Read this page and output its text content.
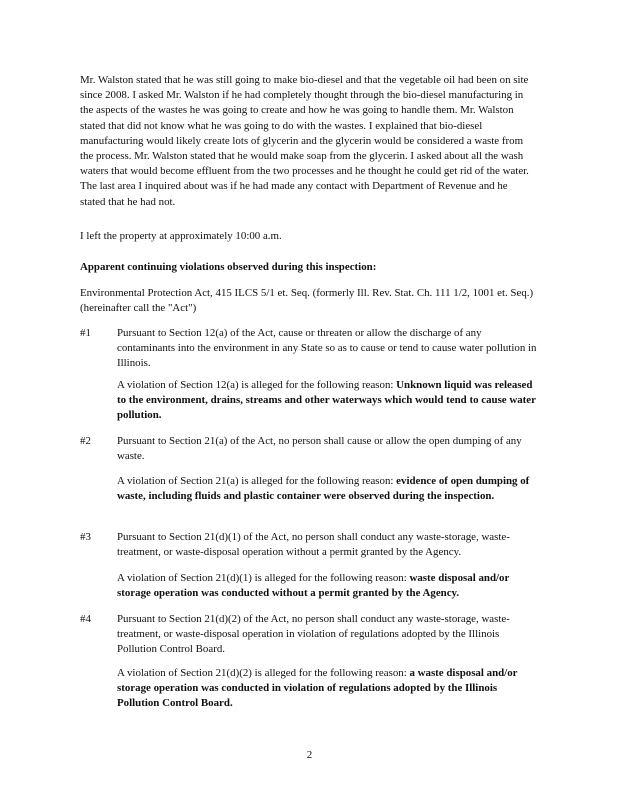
Mr. Walston stated that he was still going to make bio-diesel and that the vegetable oil had been on site since 2008. I asked Mr. Walston if he had completely thought through the bio-diesel manufacturing in the aspects of the wastes he was going to create and how he was going to handle them. Mr. Walston stated that did not know what he was going to do with the wastes. I explained that bio-diesel manufacturing would likely create lots of glycerin and the glycerin would be considered a waste from the process. Mr. Walston stated that he would make soap from the glycerin. I asked about all the wash waters that would become effluent from the two processes and he thought he could get rid of the water. The last area I inquired about was if he had made any contact with Department of Revenue and he stated that he had not.

I left the property at approximately 10:00 a.m.

Apparent continuing violations observed during this inspection:

Environmental Protection Act, 415 ILCS 5/1 et. Seq. (formerly Ill. Rev. Stat. Ch. 111 1/2, 1001 et. Seq.) (hereinafter call the "Act")

#1 Pursuant to Section 12(a) of the Act, cause or threaten or allow the discharge of any contaminants into the environment in any State so as to cause or tend to cause water pollution in Illinois.

A violation of Section 12(a) is alleged for the following reason: Unknown liquid was released to the environment, drains, streams and other waterways which would tend to cause water pollution.

#2 Pursuant to Section 21(a) of the Act, no person shall cause or allow the open dumping of any waste.

A violation of Section 21(a) is alleged for the following reason: evidence of open dumping of waste, including fluids and plastic container were observed during the inspection.

#3 Pursuant to Section 21(d)(1) of the Act, no person shall conduct any waste-storage, waste-treatment, or waste-disposal operation without a permit granted by the Agency.

A violation of Section 21(d)(1) is alleged for the following reason: waste disposal and/or storage operation was conducted without a permit granted by the Agency.

#4 Pursuant to Section 21(d)(2) of the Act, no person shall conduct any waste-storage, waste-treatment, or waste-disposal operation in violation of regulations adopted by the Illinois Pollution Control Board.

A violation of Section 21(d)(2) is alleged for the following reason: a waste disposal and/or storage operation was conducted in violation of regulations adopted by the Illinois Pollution Control Board.

2
